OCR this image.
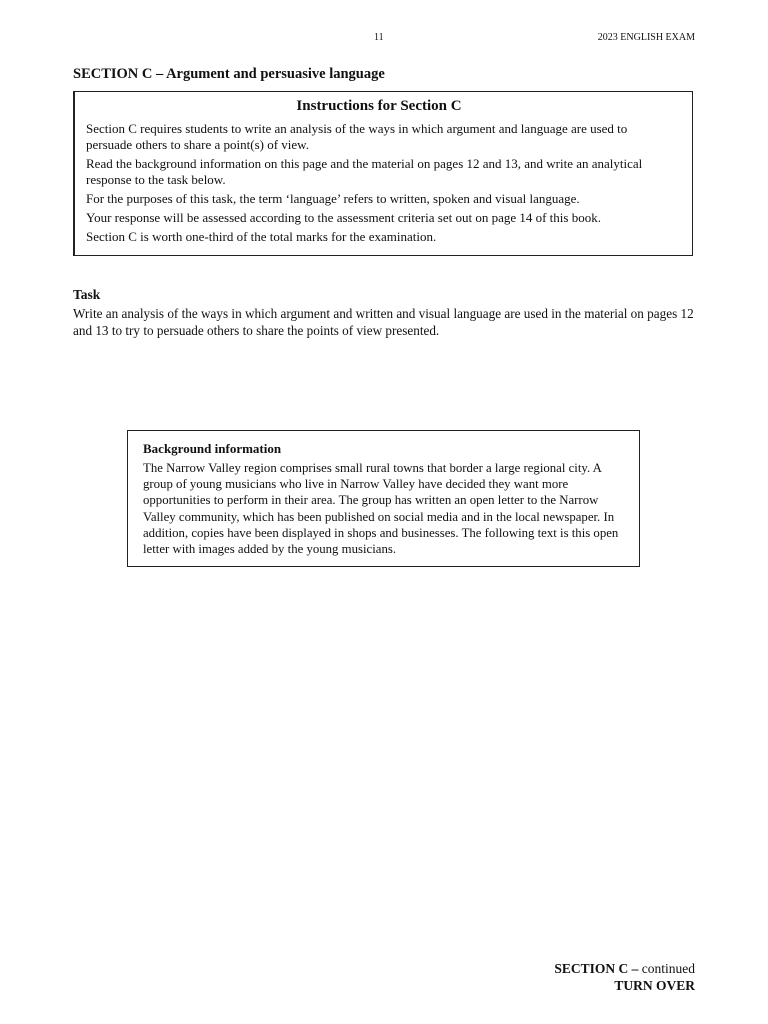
11	2023 ENGLISH EXAM
SECTION C – Argument and persuasive language
Instructions for Section C

Section C requires students to write an analysis of the ways in which argument and language are used to persuade others to share a point(s) of view.

Read the background information on this page and the material on pages 12 and 13, and write an analytical response to the task below.

For the purposes of this task, the term ‘language’ refers to written, spoken and visual language.

Your response will be assessed according to the assessment criteria set out on page 14 of this book.

Section C is worth one-third of the total marks for the examination.

Task

Write an analysis of the ways in which argument and written and visual language are used in the material on pages 12 and 13 to try to persuade others to share the points of view presented.

Background information

The Narrow Valley region comprises small rural towns that border a large regional city. A group of young musicians who live in Narrow Valley have decided they want more opportunities to perform in their area. The group has written an open letter to the Narrow Valley community, which has been published on social media and in the local newspaper. In addition, copies have been displayed in shops and businesses. The following text is this open letter with images added by the young musicians.

SECTION C – continued
TURN OVER
